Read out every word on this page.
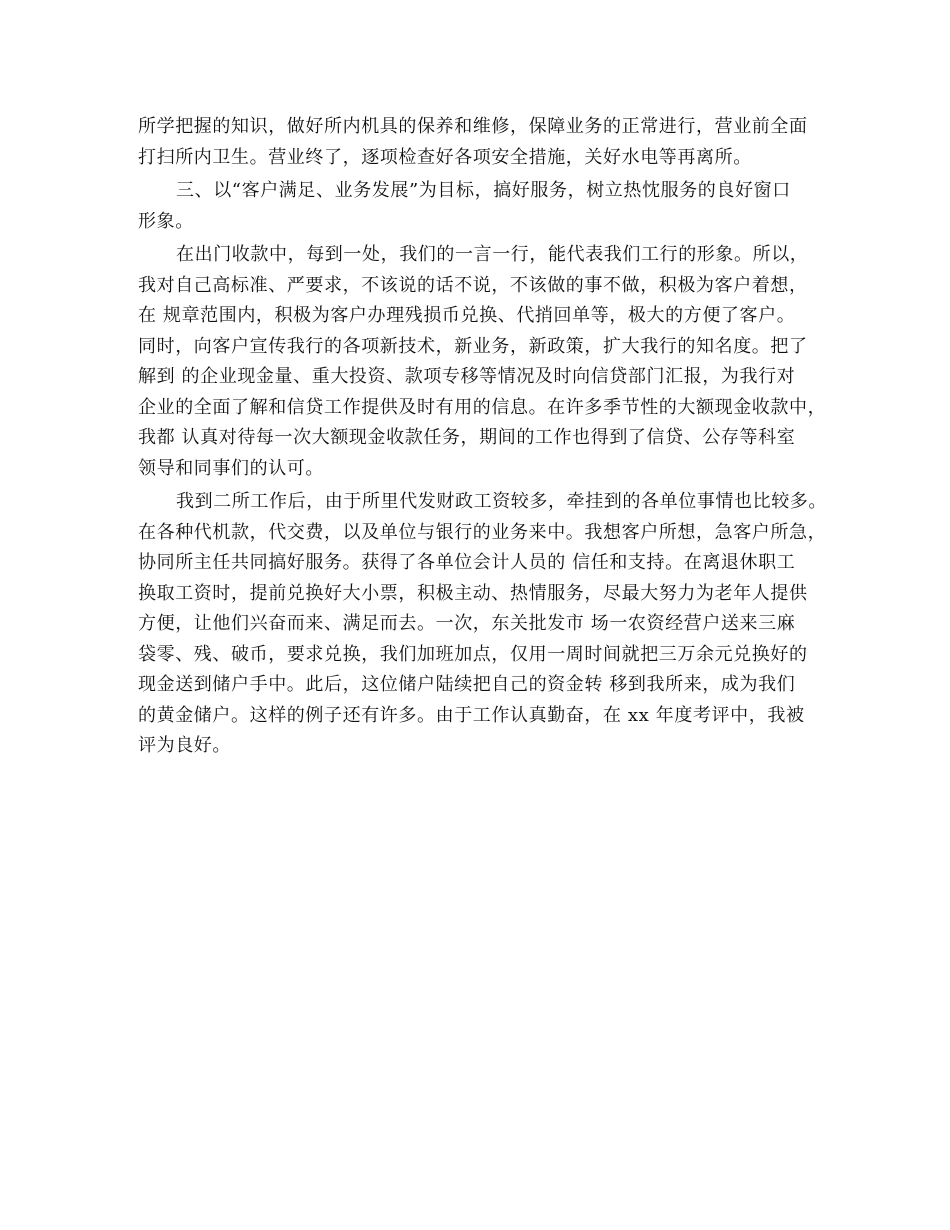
所学把握的知识，做好所内机具的保养和维修，保障业务的正常进行，营业前全面
打扫所内卫生。营业终了，逐项检查好各项安全措施，关好水电等再离所。
三、以“客户满足、业务发展”为目标，搞好服务，树立热忱服务的良好窗口
形象。
在出门收款中，每到一处，我们的一言一行，能代表我们工行的形象。所以，
我对自己高标准、严要求，不该说的话不说，不该做的事不做，积极为客户着想，
在 规章范围内，积极为客户办理残损币兑换、代捎回单等，极大的方便了客户。
同时，向客户宣传我行的各项新技术，新业务，新政策，扩大我行的知名度。把了
解到 的企业现金量、重大投资、款项专移等情况及时向信贷部门汇报，为我行对
企业的全面了解和信贷工作提供及时有用的信息。在许多季节性的大额现金收款中，
我都 认真对待每一次大额现金收款任务，期间的工作也得到了信贷、公存等科室
领导和同事们的认可。
我到二所工作后，由于所里代发财政工资较多，牵挂到的各单位事情也比较多。
在各种代机款，代交费，以及单位与银行的业务来中。我想客户所想，急客户所急，
协同所主任共同搞好服务。获得了各单位会计人员的 信任和支持。在离退休职工
换取工资时，提前兑换好大小票，积极主动、热情服务，尽最大努力为老年人提供
方便，让他们兴奋而来、满足而去。一次，东关批发市 场一农资经营户送来三麻
袋零、残、破币，要求兑换，我们加班加点，仅用一周时间就把三万余元兑换好的
现金送到储户手中。此后，这位储户陆续把自己的资金转 移到我所来，成为我们
的黄金储户。这样的例子还有许多。由于工作认真勤奋，在 xx 年度考评中，我被
评为良好。
